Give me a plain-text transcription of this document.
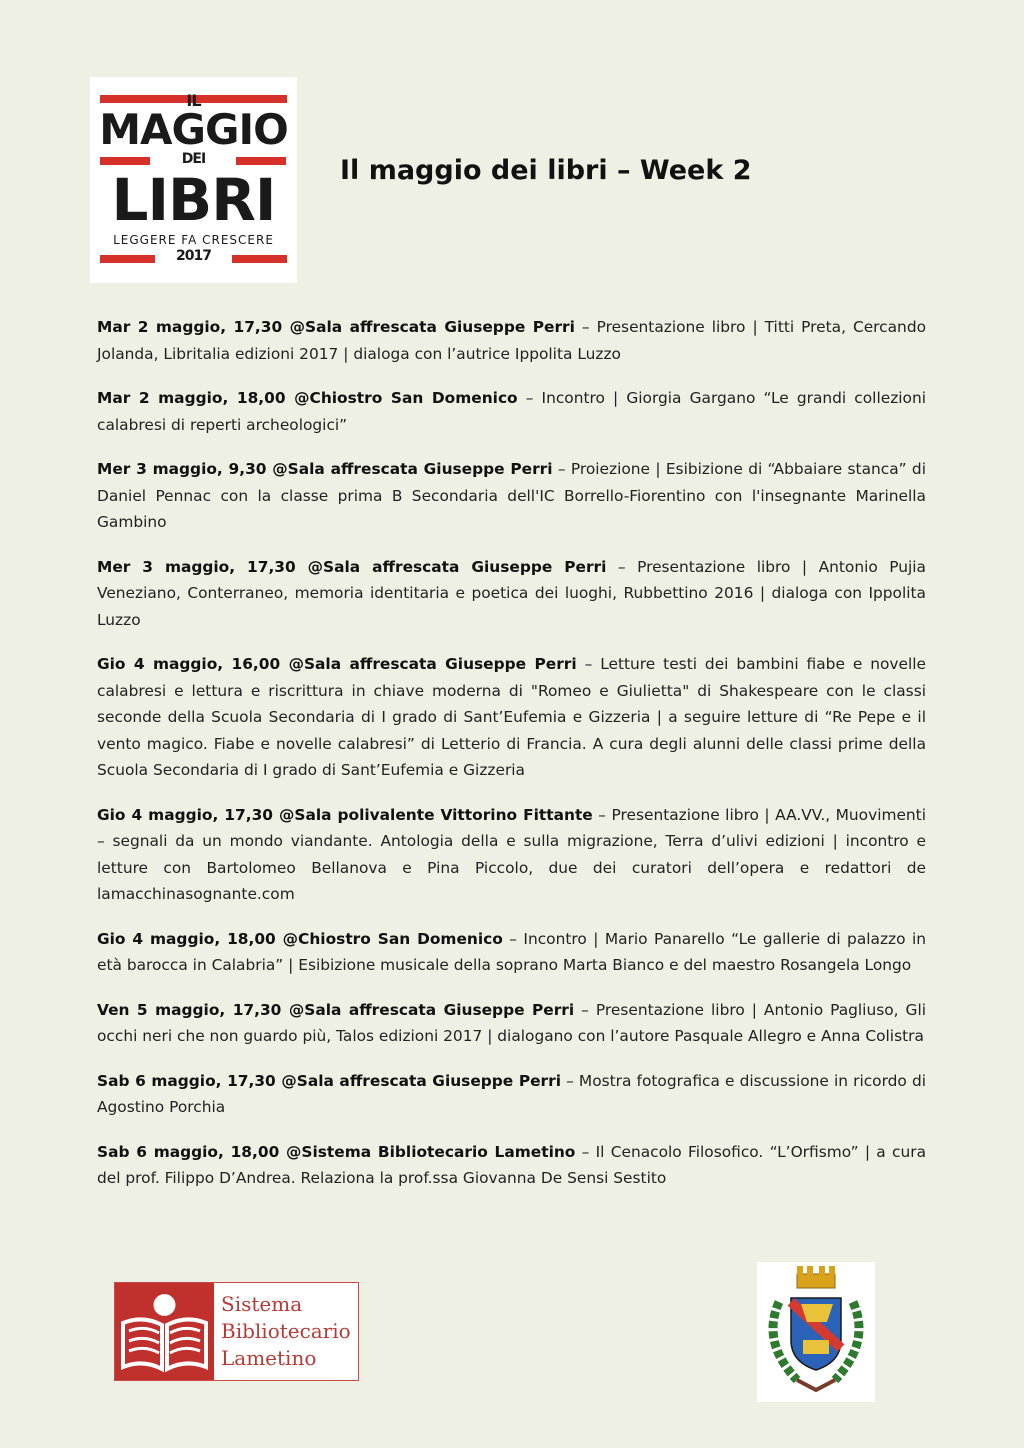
IL
MAGGIO
DEI
LIBRI
LEGGERE FA CRESCERE
2017
Il maggio dei libri – Week 2

Mar 2 maggio, 17,30 @Sala affrescata Giuseppe Perri – Presentazione libro | Titti Preta, Cercando Jolanda, Libritalia edizioni 2017 | dialoga con l’autrice Ippolita Luzzo

Mar 2 maggio, 18,00 @Chiostro San Domenico – Incontro | Giorgia Gargano “Le grandi collezioni calabresi di reperti archeologici”

Mer 3 maggio, 9,30 @Sala affrescata Giuseppe Perri – Proiezione | Esibizione di “Abbaiare stanca” di Daniel Pennac con la classe prima B Secondaria dell'IC Borrello-Fiorentino con l'insegnante Marinella Gambino

Mer 3 maggio, 17,30 @Sala affrescata Giuseppe Perri – Presentazione libro | Antonio Pujia Veneziano, Conterraneo, memoria identitaria e poetica dei luoghi, Rubbettino 2016 | dialoga con Ippolita Luzzo

Gio 4 maggio, 16,00 @Sala affrescata Giuseppe Perri – Letture testi dei bambini fiabe e novelle calabresi e lettura e riscrittura in chiave moderna di "Romeo e Giulietta" di Shakespeare con le classi seconde della Scuola Secondaria di I grado di Sant’Eufemia e Gizzeria | a seguire letture di “Re Pepe e il vento magico. Fiabe e novelle calabresi” di Letterio di Francia. A cura degli alunni delle classi prime della Scuola Secondaria di I grado di Sant’Eufemia e Gizzeria

Gio 4 maggio, 17,30 @Sala polivalente Vittorino Fittante – Presentazione libro | AA.VV., Muovimenti – segnali da un mondo viandante. Antologia della e sulla migrazione, Terra d’ulivi edizioni | incontro e letture con Bartolomeo Bellanova e Pina Piccolo, due dei curatori dell’opera e redattori de lamacchinasognante.com

Gio 4 maggio, 18,00 @Chiostro San Domenico – Incontro | Mario Panarello “Le gallerie di palazzo in età barocca in Calabria” | Esibizione musicale della soprano Marta Bianco e del maestro Rosangela Longo

Ven 5 maggio, 17,30 @Sala affrescata Giuseppe Perri – Presentazione libro | Antonio Pagliuso, Gli occhi neri che non guardo più, Talos edizioni 2017 | dialogano con l’autore Pasquale Allegro e Anna Colistra

Sab 6 maggio, 17,30 @Sala affrescata Giuseppe Perri – Mostra fotografica e discussione in ricordo di Agostino Porchia

Sab 6 maggio, 18,00 @Sistema Bibliotecario Lametino – Il Cenacolo Filosofico. “L’Orfismo” | a cura del prof. Filippo D’Andrea. Relaziona la prof.ssa Giovanna De Sensi Sestito

Sistema
Bibliotecario
Lametino
